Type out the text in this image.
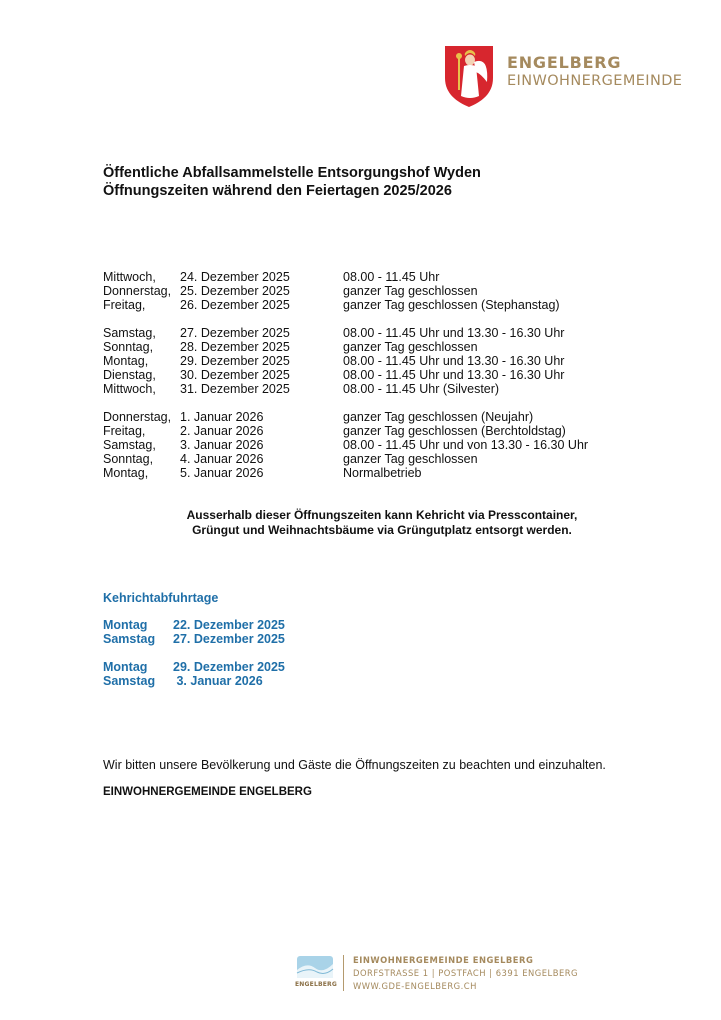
ENGELBERG
EINWOHNERGEMEINDE
Öffentliche Abfallsammelstelle Entsorgungshof Wyden
Öffnungszeiten während den Feiertagen 2025/2026
Mittwoch, 24. Dezember 2025	08.00 - 11.45 Uhr
Donnerstag, 25. Dezember 2025	ganzer Tag geschlossen
Freitag,	26. Dezember 2025	ganzer Tag geschlossen (Stephanstag)
Samstag, 27. Dezember 2025	08.00 - 11.45 Uhr und 13.30 - 16.30 Uhr
Sonntag, 28. Dezember 2025	ganzer Tag geschlossen
Montag,	29. Dezember 2025	08.00 - 11.45 Uhr und 13.30 - 16.30 Uhr
Dienstag, 30. Dezember 2025	08.00 - 11.45 Uhr und 13.30 - 16.30 Uhr
Mittwoch, 31. Dezember 2025	08.00 - 11.45 Uhr (Silvester)
Donnerstag, 1. Januar 2026	ganzer Tag geschlossen (Neujahr)
Freitag,	2. Januar 2026	ganzer Tag geschlossen (Berchtoldstag)
Samstag, 3. Januar 2026	08.00 - 11.45 Uhr und von 13.30 - 16.30 Uhr
Sonntag, 4. Januar 2026	ganzer Tag geschlossen
Montag,	5. Januar 2026	Normalbetrieb
Ausserhalb dieser Öffnungszeiten kann Kehricht via Presscontainer,
Grüngut und Weihnachtsbäume via Grüngutplatz entsorgt werden.
Kehrichtabfuhrtage
Montag 22. Dezember 2025
Samstag 27. Dezember 2025
Montag 29. Dezember 2025
Samstag 3. Januar 2026
Wir bitten unsere Bevölkerung und Gäste die Öffnungszeiten zu beachten und einzuhalten.
EINWOHNERGEMEINDE ENGELBERG
ENGELBERG
EINWOHNERGEMEINDE ENGELBERG
DORFSTRASSE 1 | POSTFACH | 6391 ENGELBERG
WWW.GDE-ENGELBERG.CH
